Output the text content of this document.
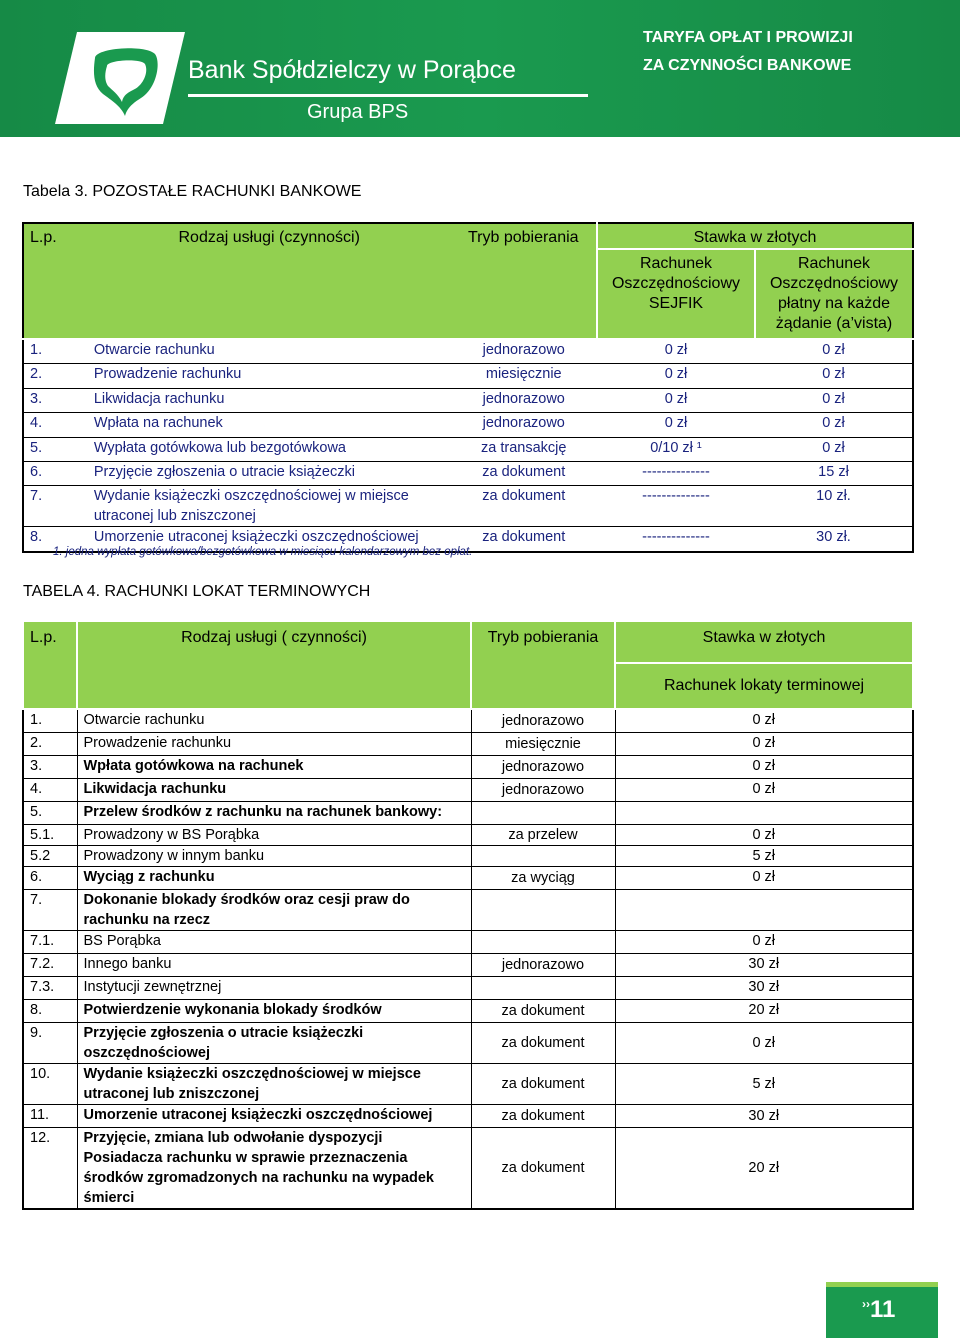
Bank Spółdzielczy w Porąbce
Grupa BPS
TARYFA OPŁAT I PROWIZJI
ZA CZYNNOŚCI BANKOWE
Tabela 3. POZOSTAŁE RACHUNKI BANKOWE
L.p.	Rodzaj usługi (czynności)	Tryb pobierania	Stawka w złotych	
			Rachunek Oszczędnościowy SEJFIK	Rachunek Oszczędnościowy płatny na każde żądanie (a’vista)
1.	Otwarcie rachunku	jednorazowo	0 zł	0 zł
2.	Prowadzenie rachunku	miesięcznie	0 zł	0 zł
3.	Likwidacja rachunku	jednorazowo	0 zł	0 zł
4.	Wpłata na rachunek	jednorazowo	0 zł	0 zł
5.	Wypłata gotówkowa lub bezgotówkowa	za transakcję	0/10 zł ¹	0 zł
6.	Przyjęcie zgłoszenia o utracie książeczki	za dokument	--------------	15 zł
7.	Wydanie książeczki oszczędnościowej w miejsce utraconej lub zniszczonej	za dokument	--------------	10 zł.
8.	Umorzenie utraconej książeczki oszczędnościowej	za dokument	--------------	30 zł.
1. jedna wypłata gotówkowa/bezgotówkowa w miesiącu kalendarzowym bez opłat.
TABELA 4. RACHUNKI LOKAT TERMINOWYCH
L.p.	Rodzaj usługi ( czynności)	Tryb pobierania	Stawka w złotych
			Rachunek lokaty terminowej
1.	Otwarcie rachunku	jednorazowo	0 zł
2.	Prowadzenie rachunku	miesięcznie	0 zł
3.	Wpłata gotówkowa na rachunek	jednorazowo	0 zł
4.	Likwidacja rachunku	jednorazowo	0 zł
5.	Przelew środków z rachunku na rachunek bankowy:		
5.1.	Prowadzony w BS Porąbka	za przelew	0 zł
5.2	Prowadzony w innym banku		5 zł
6.	Wyciąg z rachunku	za wyciąg	0 zł
7.	Dokonanie blokady środków oraz cesji praw do rachunku na rzecz		
7.1.	BS Porąbka		0 zł
7.2.	Innego banku	jednorazowo	30 zł
7.3.	Instytucji zewnętrznej		30 zł
8.	Potwierdzenie wykonania blokady środków	za dokument	20 zł
9.	Przyjęcie zgłoszenia o utracie książeczki oszczędnościowej	za dokument	0 zł
10.	Wydanie książeczki oszczędnościowej w miejsce utraconej lub zniszczonej	za dokument	5 zł
11.	Umorzenie utraconej książeczki oszczędnościowej	za dokument	30 zł
12.	Przyjęcie, zmiana lub odwołanie dyspozycji Posiadacza rachunku w sprawie przeznaczenia środków zgromadzonych na rachunku na wypadek śmierci	za dokument	20 zł
››11
